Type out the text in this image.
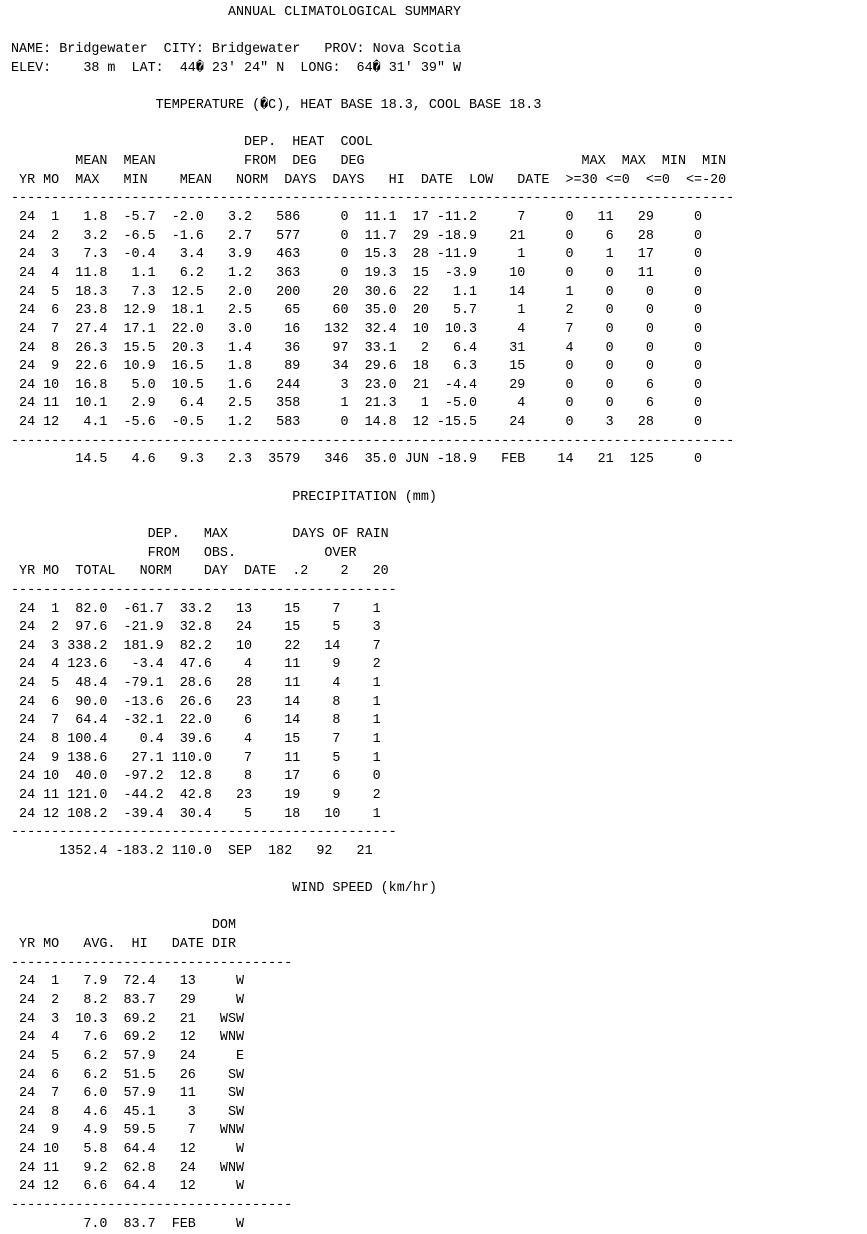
ANNUAL CLIMATOLOGICAL SUMMARY
NAME: Bridgewater  CITY: Bridgewater   PROV: Nova Scotia
ELEV:    38 m  LAT:  44� 23' 24" N  LONG:  64� 31' 39" W
TEMPERATURE (�C), HEAT BASE 18.3, COOL BASE 18.3
DEP.  HEAT  COOL
MEAN  MEAN           FROM  DEG   DEG                           MAX  MAX  MIN  MIN
YR MO  MAX   MIN    MEAN   NORM  DAYS  DAYS   HI  DATE  LOW   DATE  >=30 <=0  <=0  <=-20
------------------------------------------------------------------------------------------
24  1   1.8  -5.7  -2.0   3.2   586     0  11.1  17 -11.2     7     0   11   29     0
24  2   3.2  -6.5  -1.6   2.7   577     0  11.7  29 -18.9    21     0    6   28     0
24  3   7.3  -0.4   3.4   3.9   463     0  15.3  28 -11.9     1     0    1   17     0
24  4  11.8   1.1   6.2   1.2   363     0  19.3  15  -3.9    10     0    0   11     0
24  5  18.3   7.3  12.5   2.0   200    20  30.6  22   1.1    14     1    0    0     0
24  6  23.8  12.9  18.1   2.5    65    60  35.0  20   5.7     1     2    0    0     0
24  7  27.4  17.1  22.0   3.0    16   132  32.4  10  10.3     4     7    0    0     0
24  8  26.3  15.5  20.3   1.4    36    97  33.1   2   6.4    31     4    0    0     0
24  9  22.6  10.9  16.5   1.8    89    34  29.6  18   6.3    15     0    0    0     0
24 10  16.8   5.0  10.5   1.6   244     3  23.0  21  -4.4    29     0    0    6     0
24 11  10.1   2.9   6.4   2.5   358     1  21.3   1  -5.0     4     0    0    6     0
24 12   4.1  -5.6  -0.5   1.2   583     0  14.8  12 -15.5    24     0    3   28     0
------------------------------------------------------------------------------------------
14.5   4.6   9.3   2.3  3579   346  35.0 JUN -18.9   FEB    14   21  125     0
PRECIPITATION (mm)
DEP.   MAX        DAYS OF RAIN
FROM   OBS.           OVER
YR MO  TOTAL   NORM    DAY  DATE  .2    2   20
------------------------------------------------
24  1  82.0  -61.7  33.2   13    15    7    1
24  2  97.6  -21.9  32.8   24    15    5    3
24  3 338.2  181.9  82.2   10    22   14    7
24  4 123.6   -3.4  47.6    4    11    9    2
24  5  48.4  -79.1  28.6   28    11    4    1
24  6  90.0  -13.6  26.6   23    14    8    1
24  7  64.4  -32.1  22.0    6    14    8    1
24  8 100.4    0.4  39.6    4    15    7    1
24  9 138.6   27.1 110.0    7    11    5    1
24 10  40.0  -97.2  12.8    8    17    6    0
24 11 121.0  -44.2  42.8   23    19    9    2
24 12 108.2  -39.4  30.4    5    18   10    1
------------------------------------------------
1352.4 -183.2 110.0  SEP  182   92   21
WIND SPEED (km/hr)
DOM
YR MO   AVG.  HI   DATE DIR
-----------------------------------
24  1   7.9  72.4   13     W
24  2   8.2  83.7   29     W
24  3  10.3  69.2   21   WSW
24  4   7.6  69.2   12   WNW
24  5   6.2  57.9   24     E
24  6   6.2  51.5   26    SW
24  7   6.0  57.9   11    SW
24  8   4.6  45.1    3    SW
24  9   4.9  59.5    7   WNW
24 10   5.8  64.4   12     W
24 11   9.2  62.8   24   WNW
24 12   6.6  64.4   12     W
-----------------------------------
7.0  83.7  FEB     W
